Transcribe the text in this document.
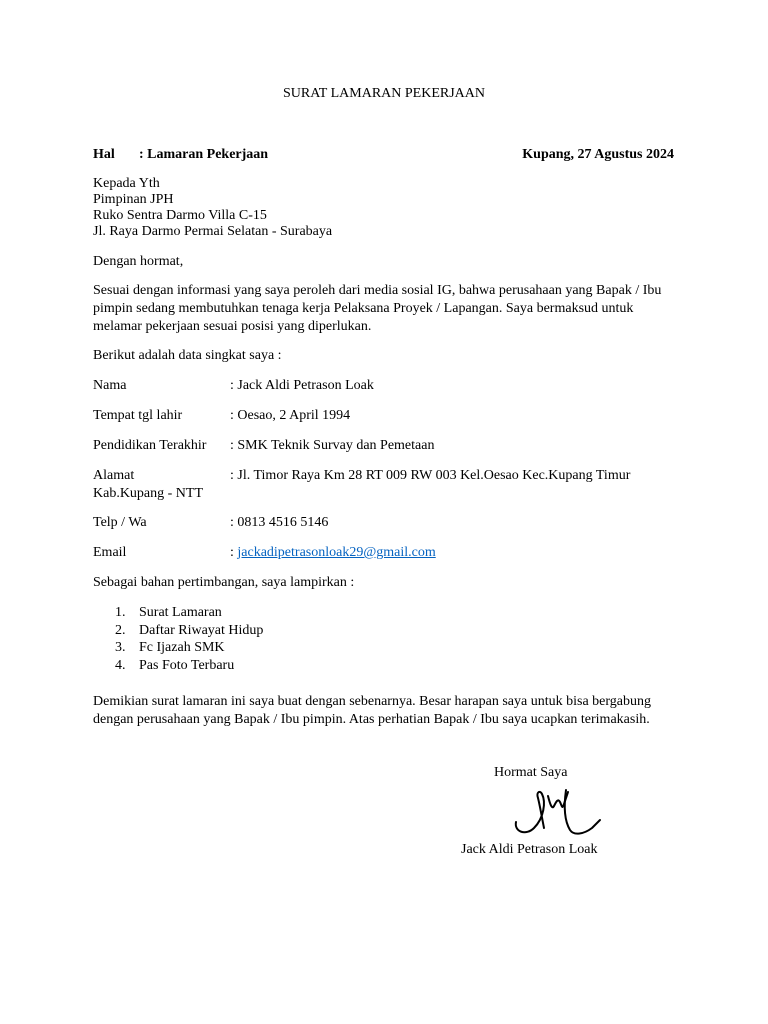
SURAT LAMARAN PEKERJAAN
Hal : Lamaran Pekerjaan	Kupang, 27 Agustus 2024
Kepada Yth
Pimpinan JPH
Ruko Sentra Darmo Villa C-15
Jl. Raya Darmo Permai Selatan - Surabaya
Dengan hormat,
Sesuai dengan informasi yang saya peroleh dari media sosial IG, bahwa perusahaan yang Bapak / Ibu
pimpin sedang membutuhkan tenaga kerja Pelaksana Proyek / Lapangan. Saya bermaksud untuk
melamar pekerjaan sesuai posisi yang diperlukan.
Berikut adalah data singkat saya :
Nama	: Jack Aldi Petrason Loak
Tempat tgl lahir	: Oesao, 2 April 1994
Pendidikan Terakhir : SMK Teknik Survay dan Pemetaan
Alamat	: Jl. Timor Raya Km 28 RT 009 RW 003 Kel.Oesao Kec.Kupang Timur
Kab.Kupang - NTT
Telp / Wa	: 0813 4516 5146
Email	: jackadipetrasonloak29@gmail.com
Sebagai bahan pertimbangan, saya lampirkan :
1. Surat Lamaran
2. Daftar Riwayat Hidup
3. Fc Ijazah SMK
4. Pas Foto Terbaru
Demikian surat lamaran ini saya buat dengan sebenarnya. Besar harapan saya untuk bisa bergabung
dengan perusahaan yang Bapak / Ibu pimpin. Atas perhatian Bapak / Ibu saya ucapkan terimakasih.
Hormat Saya
Jack Aldi Petrason Loak
